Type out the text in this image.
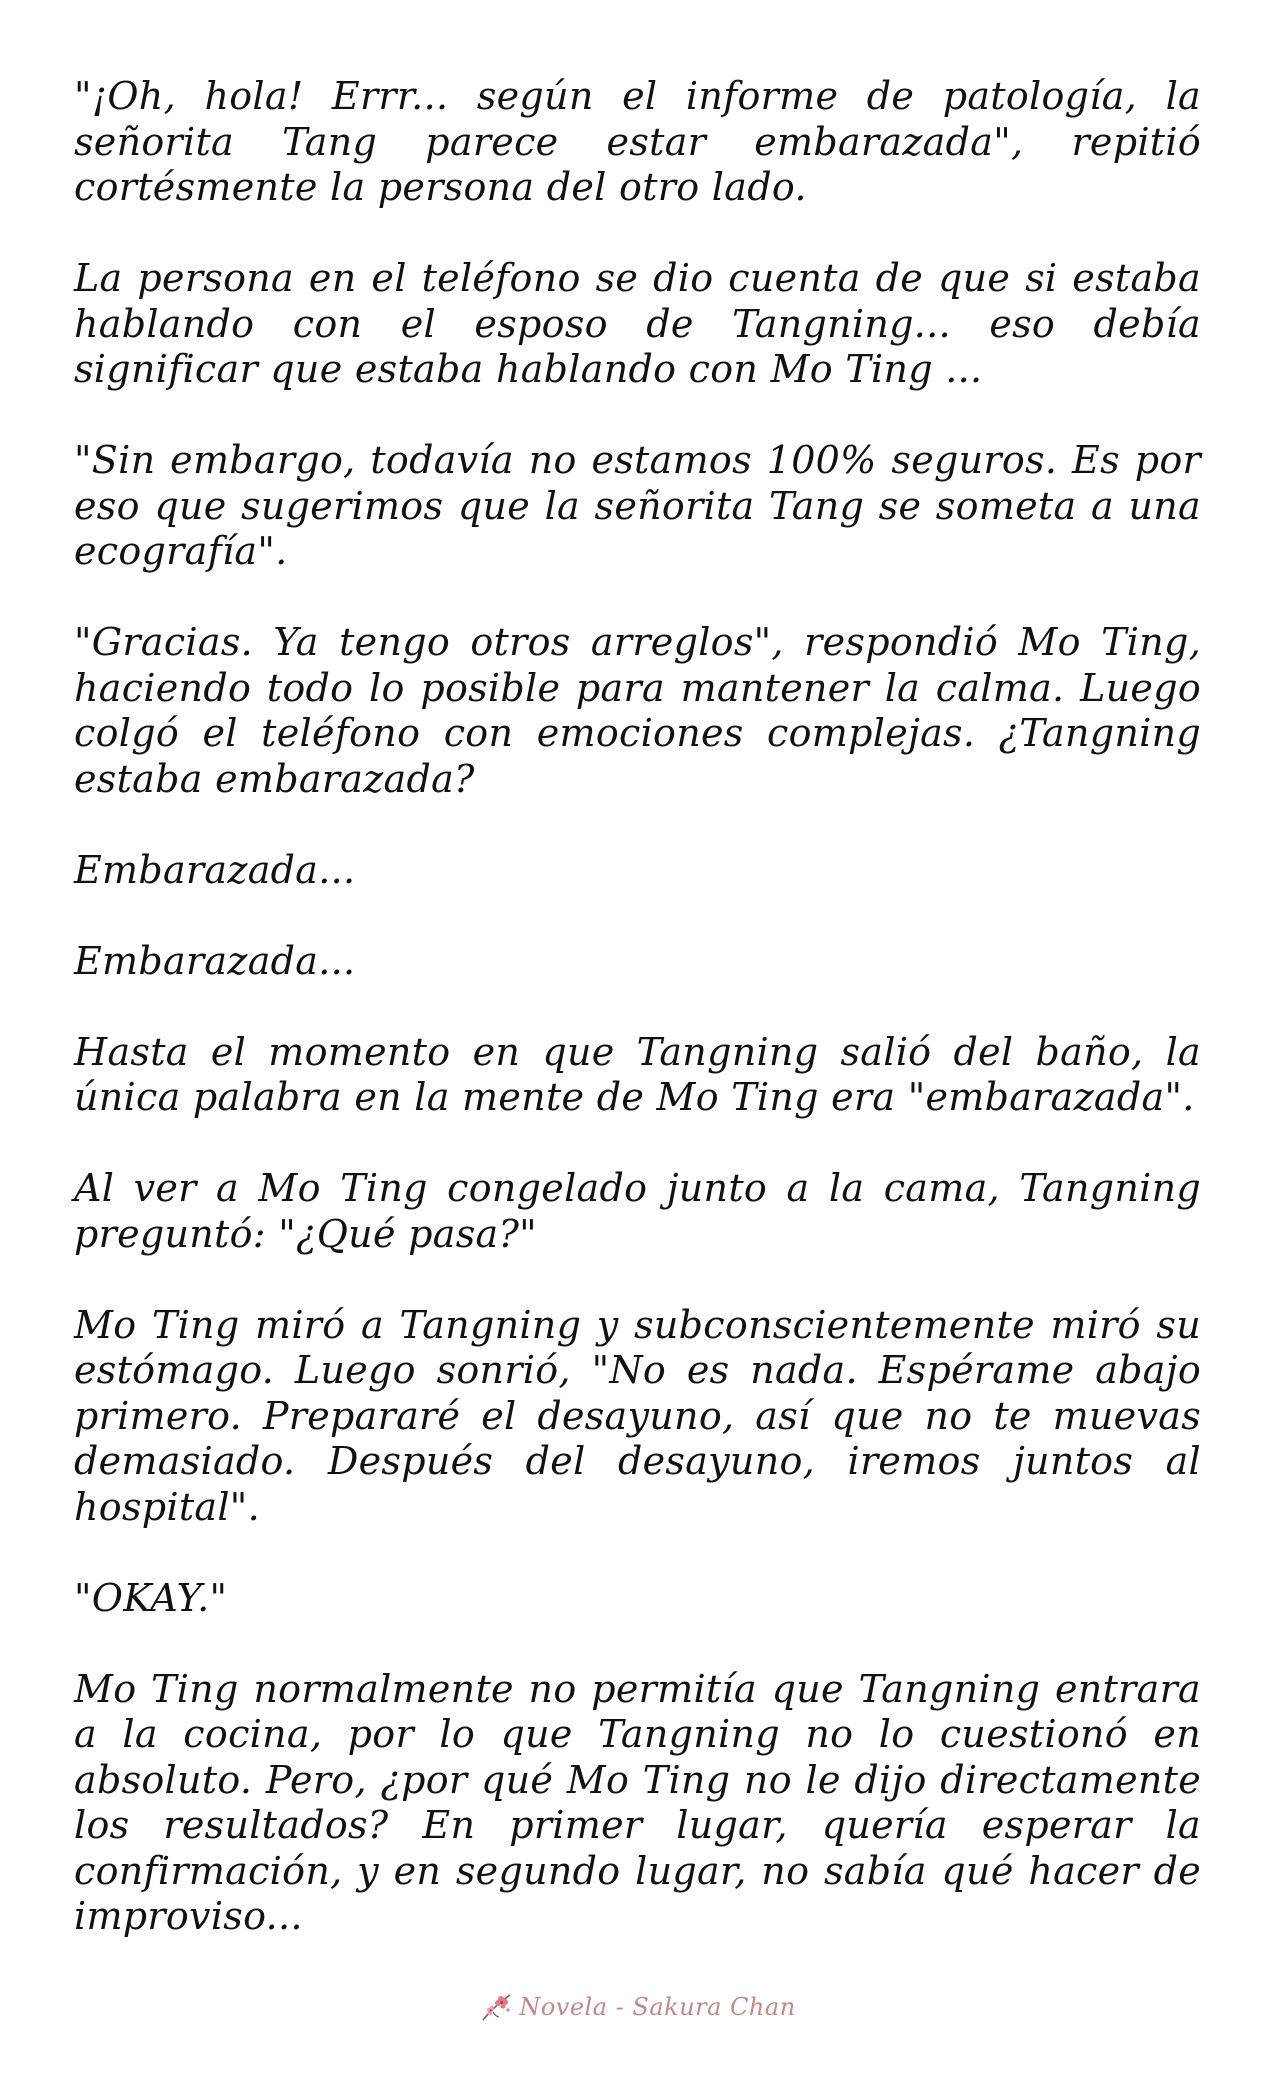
"¡Oh, hola! Errr... según el informe de patología, la señorita Tang parece estar embarazada", repitió cortésmente la persona del otro lado.

La persona en el teléfono se dio cuenta de que si estaba hablando con el esposo de Tangning... eso debía significar que estaba hablando con Mo Ting ...

"Sin embargo, todavía no estamos 100% seguros. Es por eso que sugerimos que la señorita Tang se someta a una ecografía".

"Gracias. Ya tengo otros arreglos", respondió Mo Ting, haciendo todo lo posible para mantener la calma. Luego colgó el teléfono con emociones complejas. ¿Tangning estaba embarazada?

Embarazada...

Embarazada...

Hasta el momento en que Tangning salió del baño, la única palabra en la mente de Mo Ting era "embarazada".

Al ver a Mo Ting congelado junto a la cama, Tangning preguntó: "¿Qué pasa?"

Mo Ting miró a Tangning y subconscientemente miró su estómago. Luego sonrió, "No es nada. Espérame abajo primero. Prepararé el desayuno, así que no te muevas demasiado. Después del desayuno, iremos juntos al hospital".

"OKAY."

Mo Ting normalmente no permitía que Tangning entrara a la cocina, por lo que Tangning no lo cuestionó en absoluto. Pero, ¿por qué Mo Ting no le dijo directamente los resultados? En primer lugar, quería esperar la confirmación, y en segundo lugar, no sabía qué hacer de improviso...

Novela - Sakura Chan
